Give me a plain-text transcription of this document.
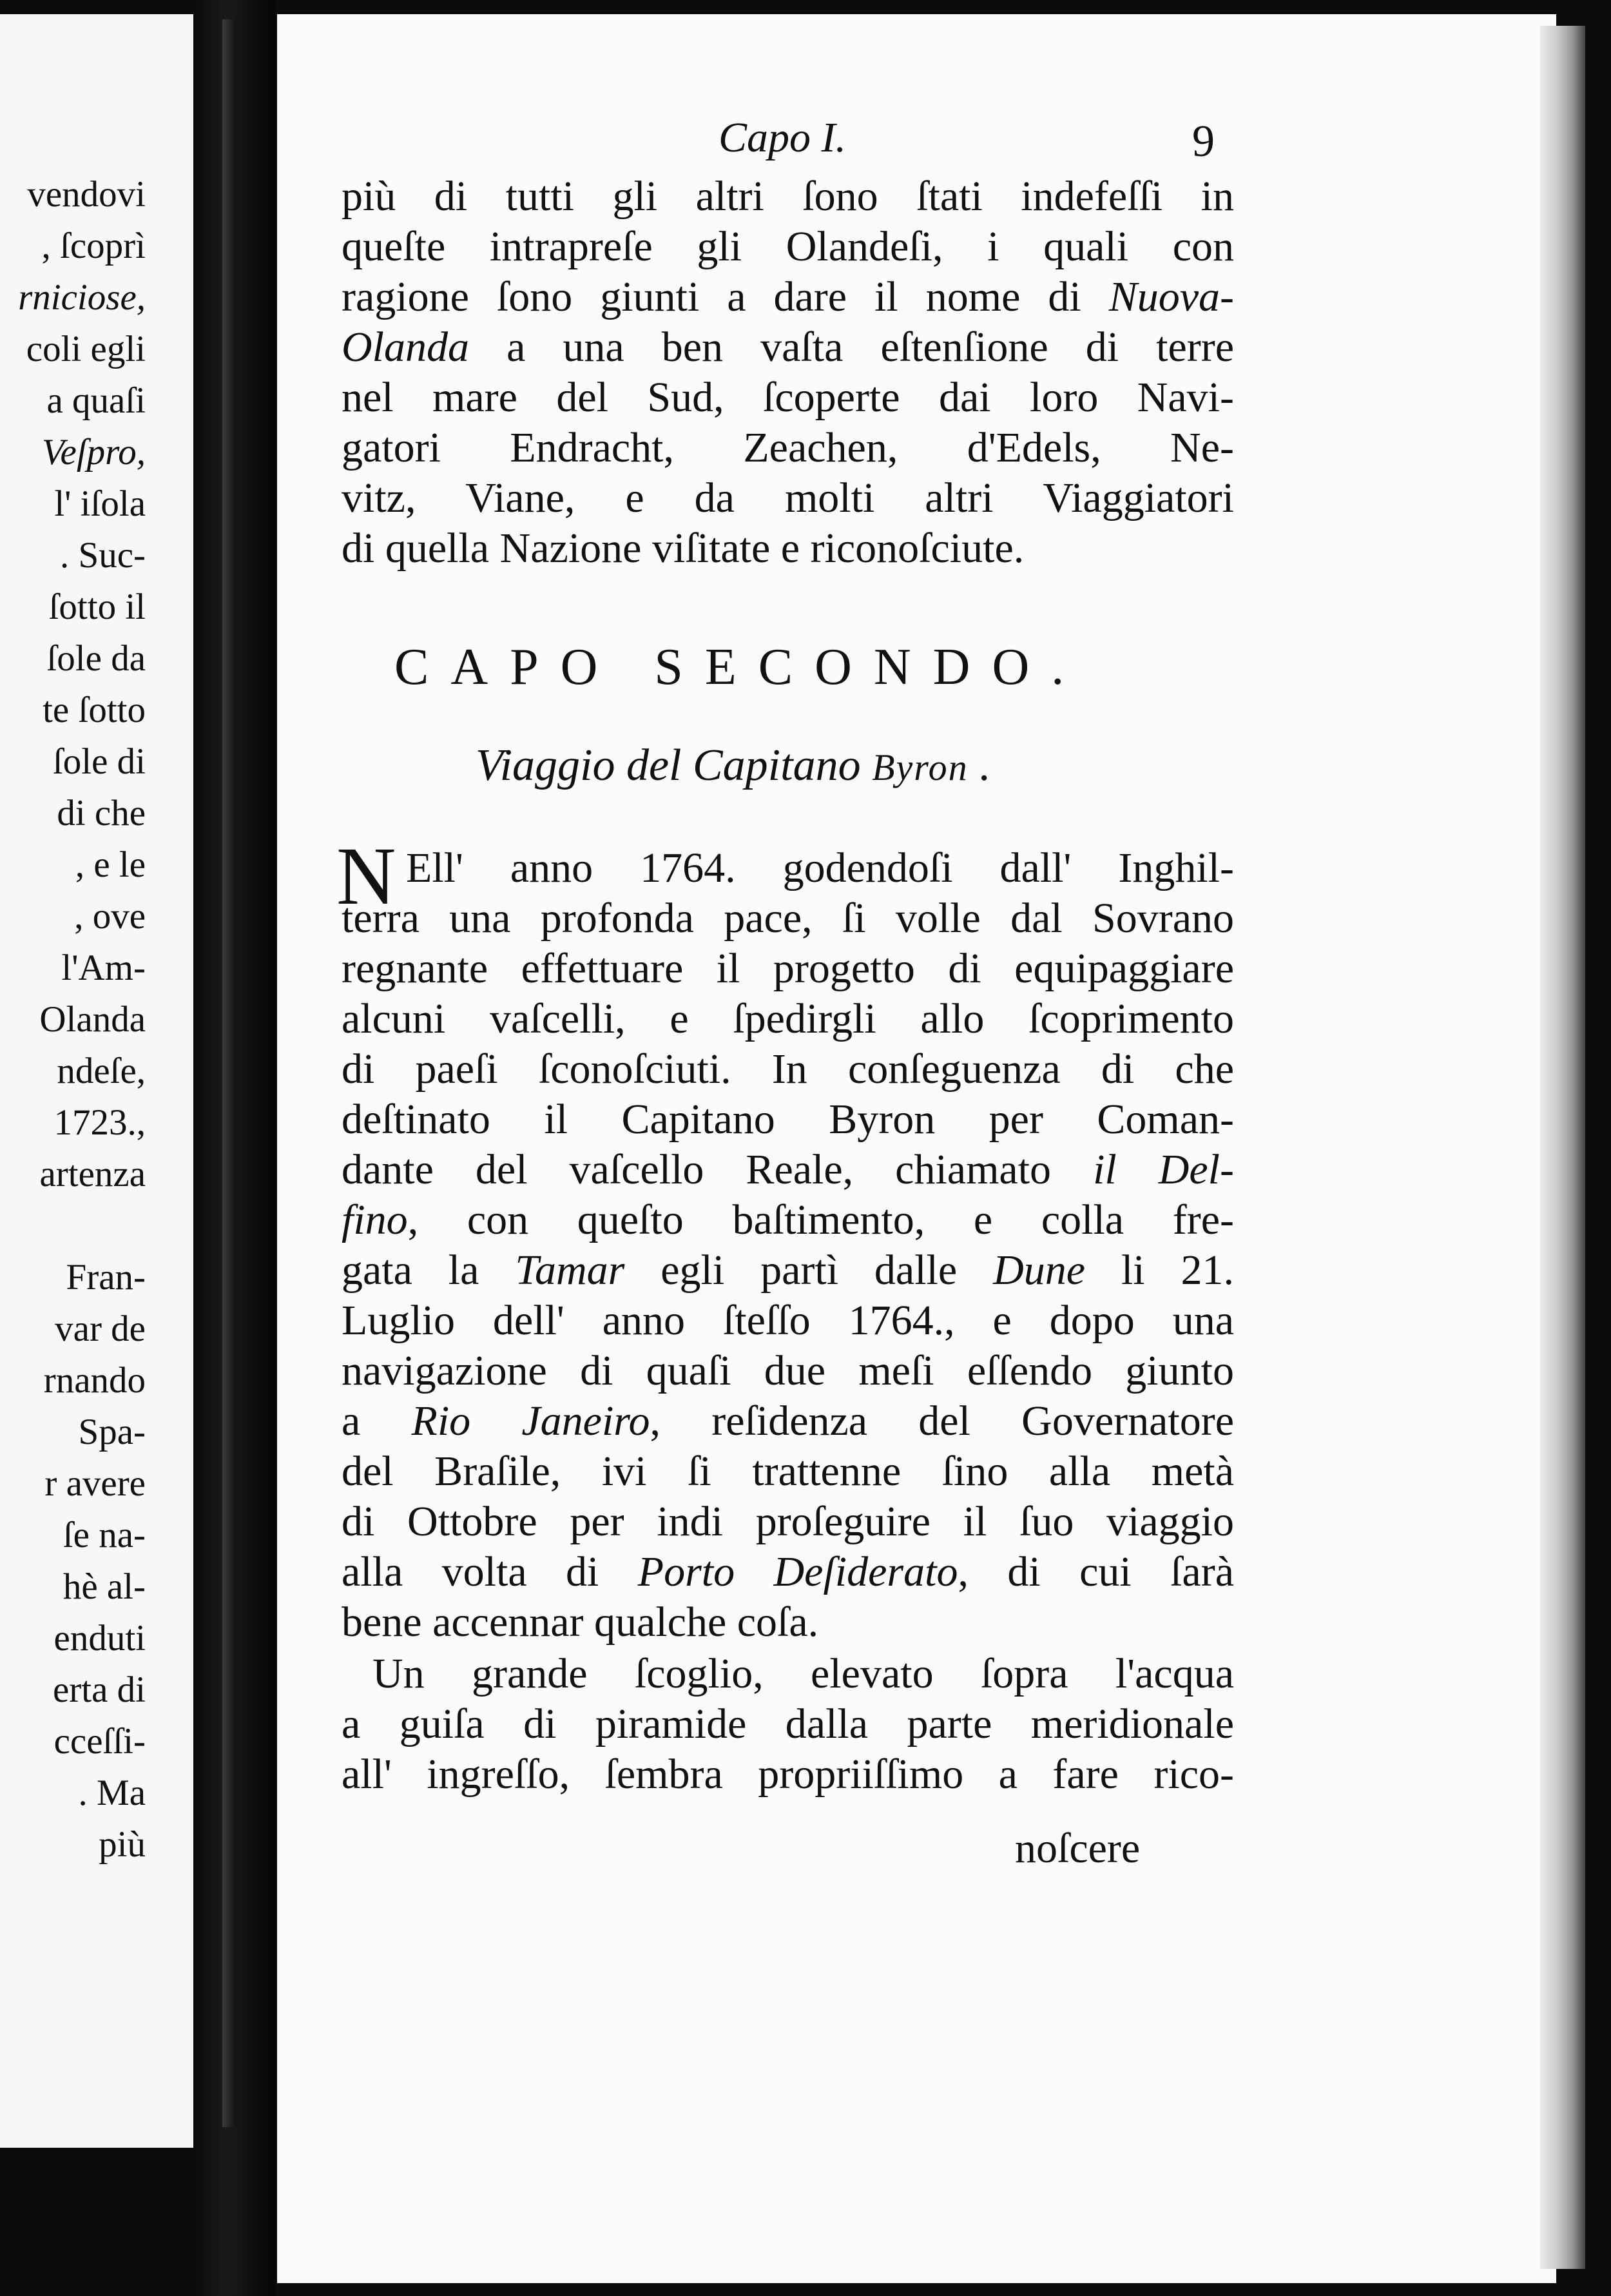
vendovi
, ſcoprì
rniciose,
coli egli
a quaſi
Veſpro,
l' iſola
. Suc-
ſotto il
ſole da
te ſotto
ſole di
di che
, e le
, ove
l'Am-
Olanda
ndeſe,
1723.,
artenza
Fran-
var de
rnando
Spa-
r avere
ſe na-
hè al-
enduti
erta di
cceſſi-
. Ma
più
Capo I.	9
più di tutti gli altri ſono ſtati indefeſſi in
queſte intrapreſe gli Olandeſi, i quali con
ragione ſono giunti a dare il nome di Nuova-
Olanda a una ben vaſta eſtenſione di terre
nel mare del Sud, ſcoperte dai loro Navi-
gatori Endracht, Zeachen, d'Edels, Ne-
vitz, Viane, e da molti altri Viaggiatori
di quella Nazione viſitate e riconoſciute.
CAPO SECONDO.
Viaggio del Capitano Byron .
N Ell' anno 1764. godendoſi dall' Inghil-
terra una profonda pace, ſi volle dal Sovrano
regnante effettuare il progetto di equipaggiare
alcuni vaſcelli, e ſpedirgli allo ſcoprimento
di paeſi ſconoſciuti. In conſeguenza di che
deſtinato il Capitano Byron per Coman-
dante del vaſcello Reale, chiamato il Del-
fino, con queſto baſtimento, e colla fre-
gata la Tamar egli partì dalle Dune li 21.
Luglio dell' anno ſteſſo 1764., e dopo una
navigazione di quaſi due meſi eſſendo giunto
a Rio Janeiro, reſidenza del Governatore
del Braſile, ivi ſi trattenne ſino alla metà
di Ottobre per indi proſeguire il ſuo viaggio
alla volta di Porto Deſiderato, di cui ſarà
bene accennar qualche coſa.
Un grande ſcoglio, elevato ſopra l'acqua
a guiſa di piramide dalla parte meridionale
all' ingreſſo, ſembra propriiſſimo a fare rico-
noſcere
